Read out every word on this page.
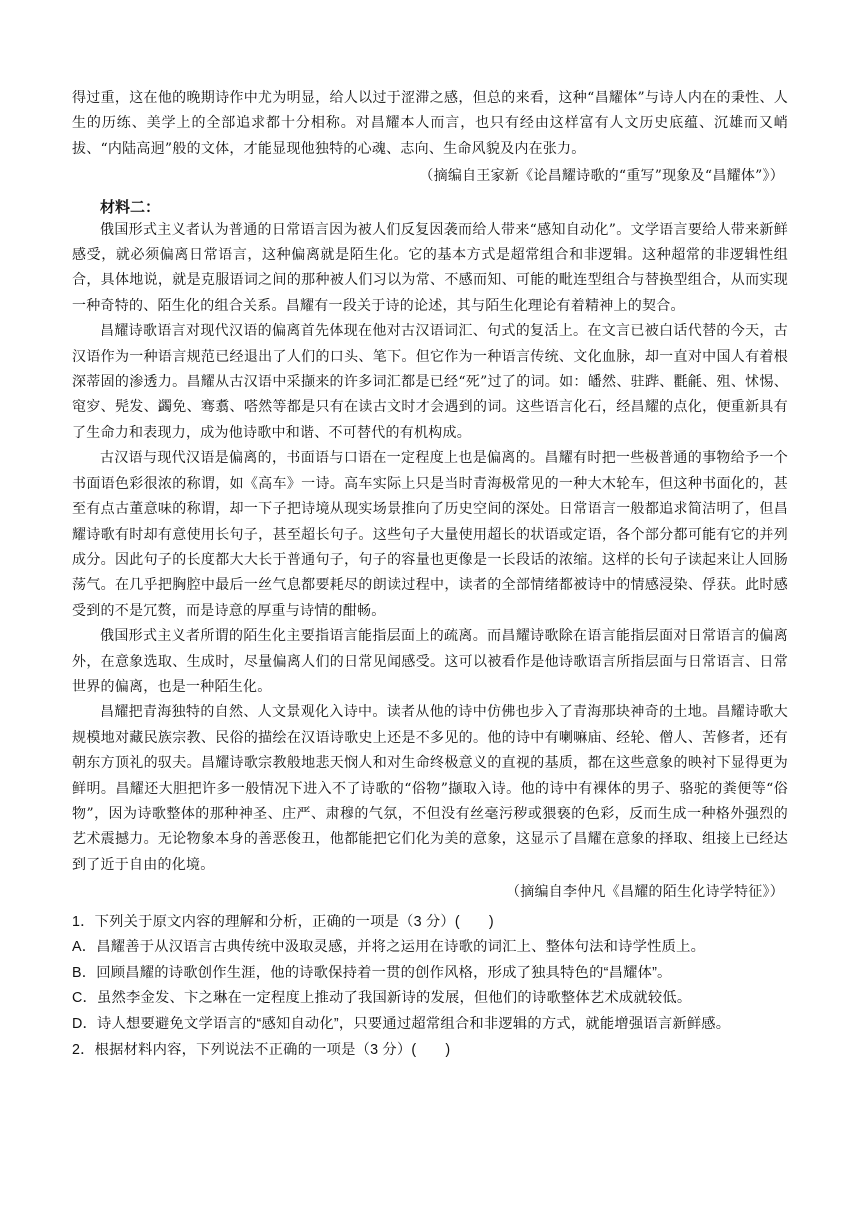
得过重，这在他的晚期诗作中尤为明显，给人以过于涩滞之感，但总的来看，这种“昌耀体”与诗人内在的秉性、人生的历练、美学上的全部追求都十分相称。对昌耀本人而言，也只有经由这样富有人文历史底蕴、沉雄而又峭拔、“内陆高迥”般的文体，才能显现他独特的心魂、志向、生命风貌及内在张力。

（摘编自王家新《论昌耀诗歌的“重写”现象及“昌耀体”》）

材料二：

俄国形式主义者认为普通的日常语言因为被人们反复因袭而给人带来“感知自动化”。文学语言要给人带来新鲜感受，就必须偏离日常语言，这种偏离就是陌生化。它的基本方式是超常组合和非逻辑。这种超常的非逻辑性组合，具体地说，就是克服语词之间的那种被人们习以为常、不感而知、可能的毗连型组合与替换型组合，从而实现一种奇特的、陌生化的组合关系。昌耀有一段关于诗的论述，其与陌生化理论有着精神上的契合。

昌耀诗歌语言对现代汉语的偏离首先体现在他对古汉语词汇、句式的复活上。在文言已被白话代替的今天，古汉语作为一种语言规范已经退出了人们的口头、笔下。但它作为一种语言传统、文化血脉，却一直对中国人有着根深蒂固的渗透力。昌耀从古汉语中采撷来的许多词汇都是已经“死”过了的词。如：皤然、驻跸、氍毹、殂、怵惕、窀穸、髡发、蠲免、骞翥、嗒然等都是只有在读古文时才会遇到的词。这些语言化石，经昌耀的点化，便重新具有了生命力和表现力，成为他诗歌中和谐、不可替代的有机构成。

古汉语与现代汉语是偏离的，书面语与口语在一定程度上也是偏离的。昌耀有时把一些极普通的事物给予一个书面语色彩很浓的称谓，如《高车》一诗。高车实际上只是当时青海极常见的一种大木轮车，但这种书面化的，甚至有点古董意味的称谓，却一下子把诗境从现实场景推向了历史空间的深处。日常语言一般都追求简洁明了，但昌耀诗歌有时却有意使用长句子，甚至超长句子。这些句子大量使用超长的状语或定语，各个部分都可能有它的并列成分。因此句子的长度都大大长于普通句子，句子的容量也更像是一长段话的浓缩。这样的长句子读起来让人回肠荡气。在几乎把胸腔中最后一丝气息都要耗尽的朗读过程中，读者的全部情绪都被诗中的情感浸染、俘获。此时感受到的不是冗赘，而是诗意的厚重与诗情的酣畅。

俄国形式主义者所谓的陌生化主要指语言能指层面上的疏离。而昌耀诗歌除在语言能指层面对日常语言的偏离外，在意象选取、生成时，尽量偏离人们的日常见闻感受。这可以被看作是他诗歌语言所指层面与日常语言、日常世界的偏离，也是一种陌生化。

昌耀把青海独特的自然、人文景观化入诗中。读者从他的诗中仿佛也步入了青海那块神奇的土地。昌耀诗歌大规模地对藏民族宗教、民俗的描绘在汉语诗歌史上还是不多见的。他的诗中有喇嘛庙、经轮、僧人、苦修者，还有朝东方顶礼的驭夫。昌耀诗歌宗教般地悲天悯人和对生命终极意义的直视的基质，都在这些意象的映衬下显得更为鲜明。昌耀还大胆把许多一般情况下进入不了诗歌的“俗物”撷取入诗。他的诗中有裸体的男子、骆驼的粪便等“俗物”，因为诗歌整体的那种神圣、庄严、肃穆的气氛，不但没有丝毫污秽或猥亵的色彩，反而生成一种格外强烈的艺术震撼力。无论物象本身的善恶俊丑，他都能把它们化为美的意象，这显示了昌耀在意象的择取、组接上已经达到了近于自由的化境。

（摘编自李仲凡《昌耀的陌生化诗学特征》）

1．下列关于原文内容的理解和分析，正确的一项是（3 分）(　　)

A．昌耀善于从汉语言古典传统中汲取灵感，并将之运用在诗歌的词汇上、整体句法和诗学性质上。

B．回顾昌耀的诗歌创作生涯，他的诗歌保持着一贯的创作风格，形成了独具特色的“昌耀体”。

C．虽然李金发、卞之琳在一定程度上推动了我国新诗的发展，但他们的诗歌整体艺术成就较低。

D．诗人想要避免文学语言的“感知自动化”，只要通过超常组合和非逻辑的方式，就能增强语言新鲜感。

2．根据材料内容，下列说法不正确的一项是（3 分）(　　)
